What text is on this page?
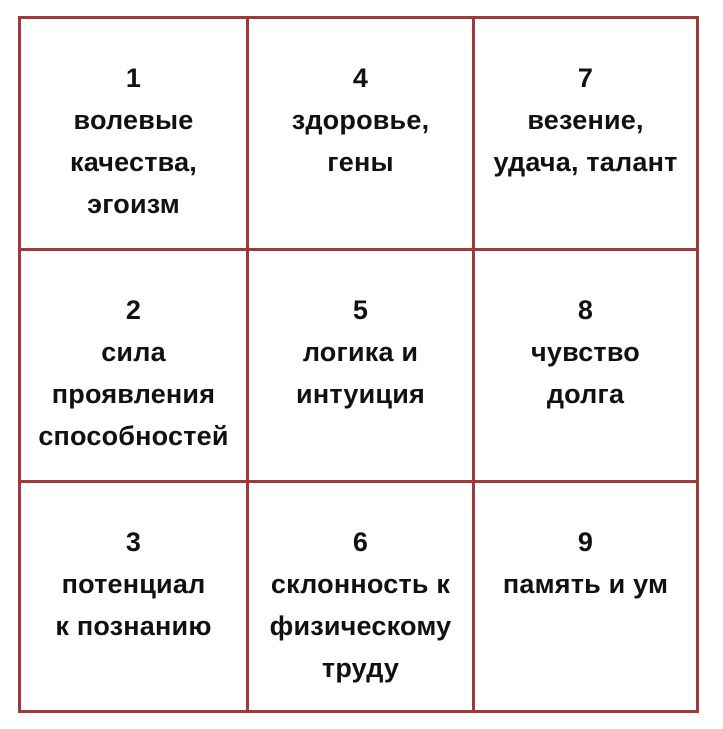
1
волевые
качества,
эгоизм
4
здоровье,
гены
7
везение,
удача, талант
2
сила
проявления
способностей
5
логика и
интуиция
8
чувство
долга
3
потенциал
к познанию
6
склонность к
физическому
труду
9
память и ум
